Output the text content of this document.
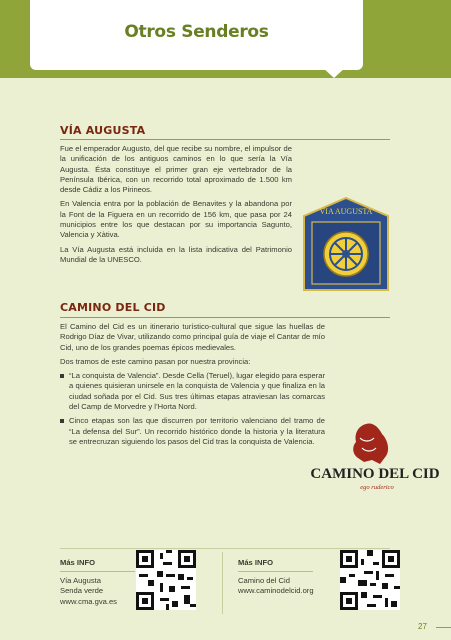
Otros Senderos
VÍA AUGUSTA

Fue el emperador Augusto, del que recibe su nombre, el impulsor de la unificación de los antiguos caminos en lo que sería la Vía Augusta. Ésta constituye el primer gran eje vertebrador de la Península Ibérica, con un recorrido total aproximado de 1.500 km desde Cádiz a los Pirineos.

En Valencia entra por la población de Benavites y la abandona por la Font de la Figuera en un recorrido de 156 km, que pasa por 24 municipios entre los que destacan por su importancia Sagunto, Valencia y Xàtiva.

La Vía Augusta está incluida en la lista indicativa del Patrimonio Mundial de la UNESCO.

VIA AUGUSTA
CAMINO DEL CID

El Camino del Cid es un itinerario turístico-cultural que sigue las huellas de Rodrigo Díaz de Vivar, utilizando como principal guía de viaje el Cantar de mío Cid, uno de los grandes poemas épicos medievales.

Dos tramos de este camino pasan por nuestra provincia:

“La conquista de Valencia”. Desde Cella (Teruel), lugar elegido para esperar a quienes quisieran unirsele en la conquista de Valencia y que finaliza en la ciudad soñada por el Cid. Sus tres últimas etapas atraviesan las comarcas del Camp de Morvedre y l’Horta Nord.

Cinco etapas son las que discurren por territorio valenciano del tramo de “La defensa del Sur”. Un recorrido histórico donde la historia y la literatura se entrecruzan siguiendo los pasos del Cid tras la conquista de Valencia.

CAMINO DEL CID
ego ruderico
Más INFO
Vía Augusta
Senda verde
www.cma.gva.es
Más INFO
Camino del Cid
www.caminodelcid.org
27
